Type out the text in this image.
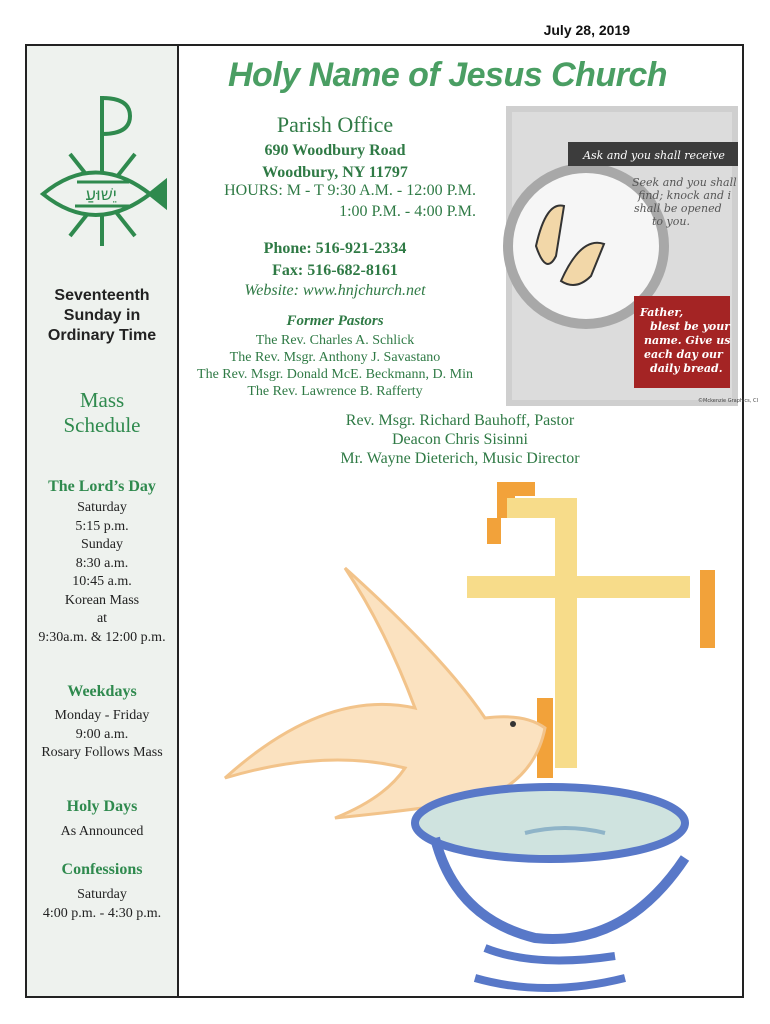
July 28, 2019
יֵשׁוּעַ
Seventeenth
Sunday in
Ordinary Time
Mass
Schedule
The Lord’s Day
Saturday
5:15 p.m.
Sunday
8:30 a.m.
10:45 a.m.
Korean Mass
at
9:30a.m. & 12:00 p.m.
Weekdays
Monday - Friday
9:00 a.m.
Rosary Follows Mass
Holy Days
As Announced
Confessions
Saturday
4:00 p.m. - 4:30 p.m.
Holy Name of Jesus Church
Parish Office
690 Woodbury Road
Woodbury, NY 11797
HOURS: M - T 9:30 A.M. - 12:00 P.M.
1:00 P.M. - 4:00 P.M.
Phone: 516-921-2334
Fax: 516-682-8161
Website: www.hnjchurch.net
Former Pastors
The Rev. Charles A. Schlick
The Rev. Msgr. Anthony J. Savastano
The Rev. Msgr. Donald McE. Beckmann, D. Min
The Rev. Lawrence B. Rafferty
Rev. Msgr. Richard Bauhoff, Pastor
Deacon Chris Sisinni
Mr. Wayne Dieterich, Music Director
Ask and you shall receive
Seek and you shall
find; knock and i
shall be opened
to you.
Father,
blest be your
name. Give us
each day our
daily bread.
©Mckenzie Graphics, CI
